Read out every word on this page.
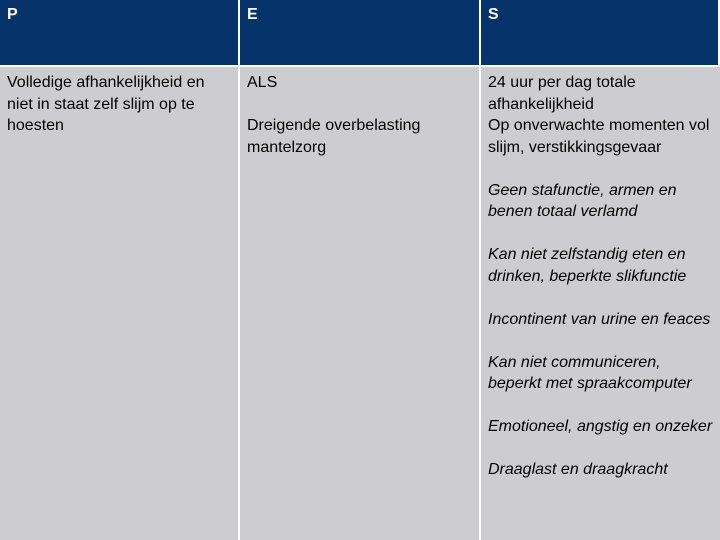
P	E	S
Volledige afhankelijkheid en niet in staat zelf slijm op te hoesten
ALS
Dreigende overbelasting mantelzorg
24 uur per dag totale afhankelijkheid
Op onverwachte momenten vol slijm, verstikkingsgevaar
Geen stafunctie, armen en benen totaal verlamd
Kan niet zelfstandig eten en drinken, beperkte slikfunctie
Incontinent van urine en feaces
Kan niet communiceren, beperkt met spraakcomputer
Emotioneel, angstig en onzeker
Draaglast en draagkracht
